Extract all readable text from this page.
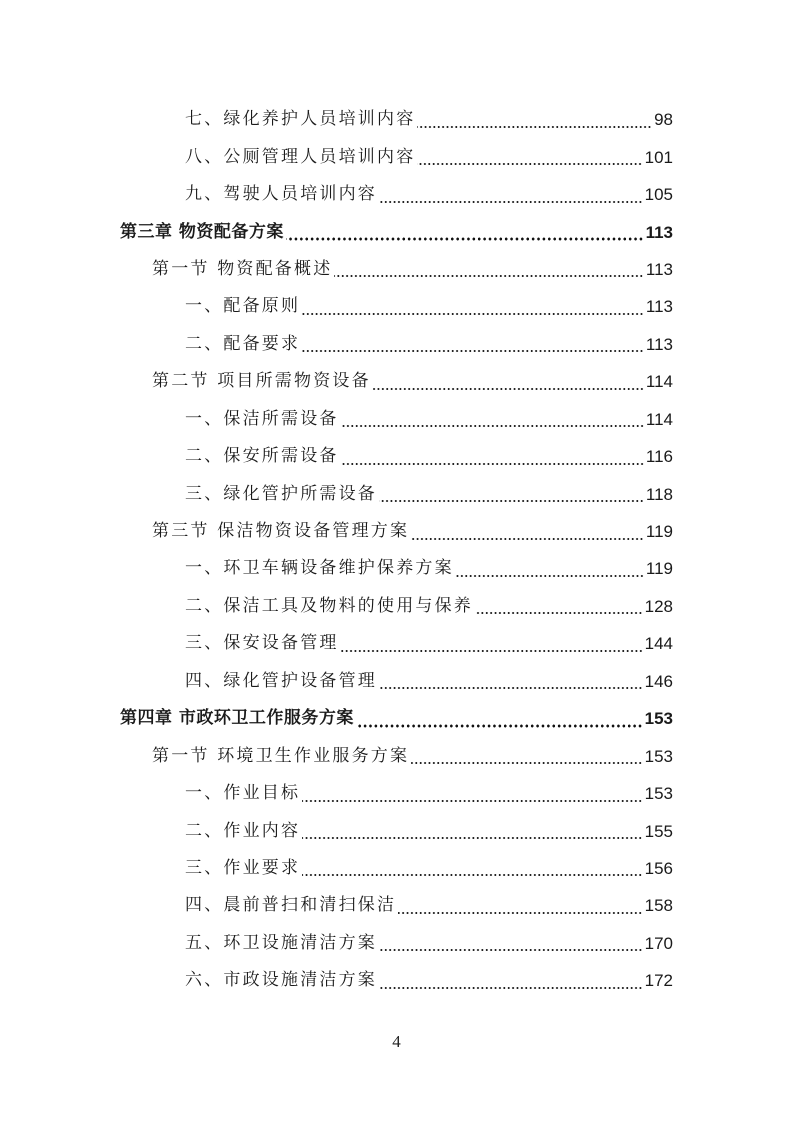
七、绿化养护人员培训内容	98
八、公厕管理人员培训内容	101
九、驾驶人员培训内容	105
第三章 物资配备方案	113
第一节 物资配备概述	113
一、配备原则	113
二、配备要求	113
第二节 项目所需物资设备	114
一、保洁所需设备	114
二、保安所需设备	116
三、绿化管护所需设备	118
第三节 保洁物资设备管理方案	119
一、环卫车辆设备维护保养方案	119
二、保洁工具及物料的使用与保养	128
三、保安设备管理	144
四、绿化管护设备管理	146
第四章 市政环卫工作服务方案	153
第一节 环境卫生作业服务方案	153
一、作业目标	153
二、作业内容	155
三、作业要求	156
四、晨前普扫和清扫保洁	158
五、环卫设施清洁方案	170
六、市政设施清洁方案	172
4
